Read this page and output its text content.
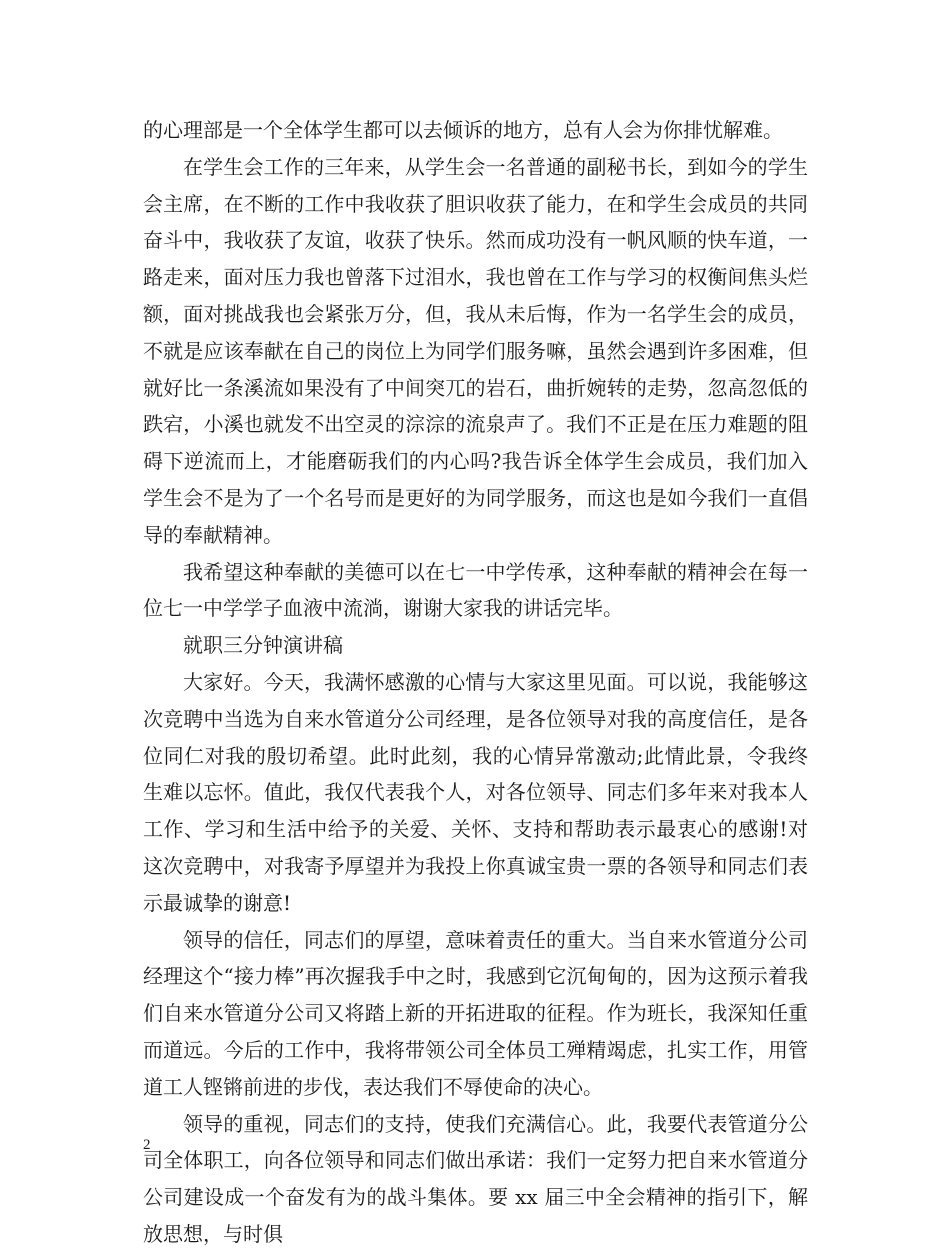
的心理部是一个全体学生都可以去倾诉的地方，总有人会为你排忧解难。

在学生会工作的三年来，从学生会一名普通的副秘书长，到如今的学生会主席，在不断的工作中我收获了胆识收获了能力，在和学生会成员的共同奋斗中，我收获了友谊，收获了快乐。然而成功没有一帆风顺的快车道，一路走来，面对压力我也曾落下过泪水，我也曾在工作与学习的权衡间焦头烂额，面对挑战我也会紧张万分，但，我从未后悔，作为一名学生会的成员，不就是应该奉献在自己的岗位上为同学们服务嘛，虽然会遇到许多困难，但就好比一条溪流如果没有了中间突兀的岩石，曲折婉转的走势，忽高忽低的跌宕，小溪也就发不出空灵的淙淙的流泉声了。我们不正是在压力难题的阻碍下逆流而上，才能磨砺我们的内心吗?我告诉全体学生会成员，我们加入学生会不是为了一个名号而是更好的为同学服务，而这也是如今我们一直倡导的奉献精神。

我希望这种奉献的美德可以在七一中学传承，这种奉献的精神会在每一位七一中学学子血液中流淌，谢谢大家我的讲话完毕。

就职三分钟演讲稿

大家好。今天，我满怀感激的心情与大家这里见面。可以说，我能够这次竞聘中当选为自来水管道分公司经理，是各位领导对我的高度信任，是各位同仁对我的殷切希望。此时此刻，我的心情异常激动;此情此景，令我终生难以忘怀。值此，我仅代表我个人，对各位领导、同志们多年来对我本人工作、学习和生活中给予的关爱、关怀、支持和帮助表示最衷心的感谢!对这次竞聘中，对我寄予厚望并为我投上你真诚宝贵一票的各领导和同志们表示最诚挚的谢意!

领导的信任，同志们的厚望，意味着责任的重大。当自来水管道分公司经理这个“接力棒”再次握我手中之时，我感到它沉甸甸的，因为这预示着我们自来水管道分公司又将踏上新的开拓进取的征程。作为班长，我深知任重而道远。今后的工作中，我将带领公司全体员工殚精竭虑，扎实工作，用管道工人铿锵前进的步伐，表达我们不辱使命的决心。

领导的重视，同志们的支持，使我们充满信心。此，我要代表管道分公司全体职工，向各位领导和同志们做出承诺：我们一定努力把自来水管道分公司建设成一个奋发有为的战斗集体。要 xx 届三中全会精神的指引下，解放思想，与时俱

2
